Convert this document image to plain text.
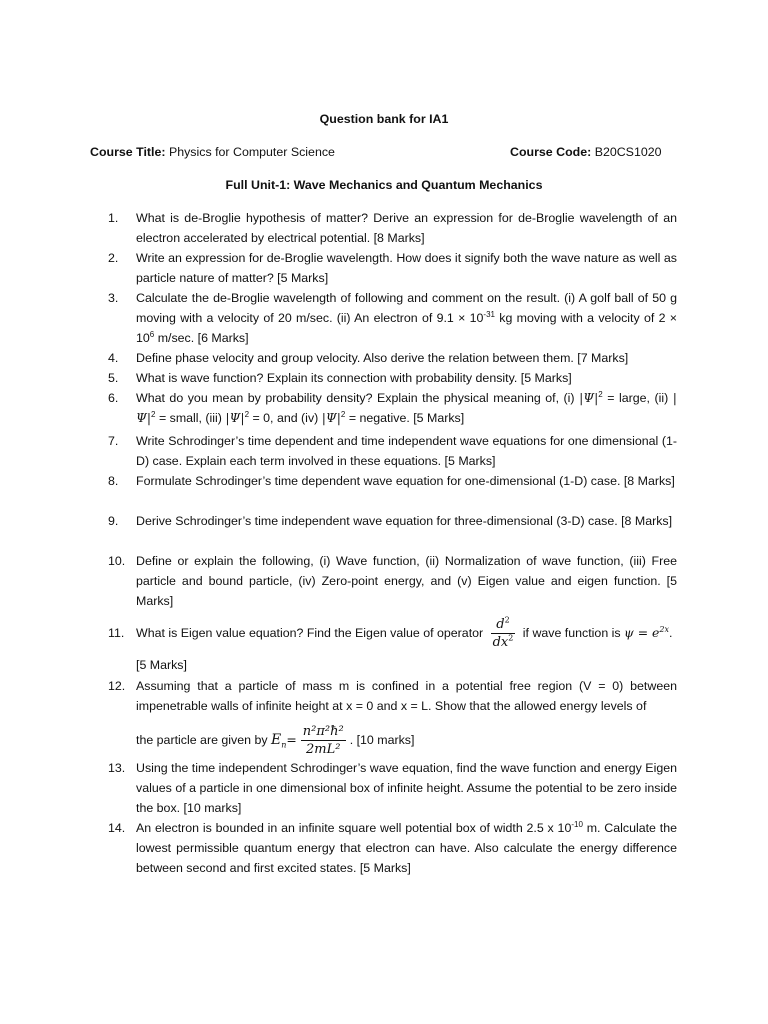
Question bank for IA1
Course Title: Physics for Computer Science	Course Code: B20CS1020
Full Unit-1: Wave Mechanics and Quantum Mechanics
1.	What is de-Broglie hypothesis of matter? Derive an expression for de-Broglie wavelength of an electron accelerated by electrical potential. [8 Marks]
2.	Write an expression for de-Broglie wavelength. How does it signify both the wave nature as well as particle nature of matter? [5 Marks]
3.	Calculate the de-Broglie wavelength of following and comment on the result. (i) A golf ball of 50 g moving with a velocity of 20 m/sec. (ii) An electron of $9.1 \times 10^{-31}$ kg moving with a velocity of $2 \times 10^6$ m/sec. [6 Marks]
4.	Define phase velocity and group velocity. Also derive the relation between them. [7 Marks]
5.	What is wave function? Explain its connection with probability density. [5 Marks]
6.	What do you mean by probability density? Explain the physical meaning of, (i) $|\Psi|^2$ = large, (ii) $|\Psi|^2$ = small, (iii) $|\Psi|^2 = 0$, and (iv) $|\Psi|^2$ = negative. [5 Marks]
7.	Write Schrodinger’s time dependent and time independent wave equations for one dimensional (1-D) case. Explain each term involved in these equations. [5 Marks]
8.	Formulate Schrodinger’s time dependent wave equation for one-dimensional (1-D) case. [8 Marks]
9.	Derive Schrodinger’s time independent wave equation for three-dimensional (3-D) case. [8 Marks]
10. Define or explain the following, (i) Wave function, (ii) Normalization of wave function, (iii) Free particle and bound particle, (iv) Zero-point energy, and (v) Eigen value and eigen function. [5 Marks]
11. What is Eigen value equation? Find the Eigen value of operator $\frac{d^2}{dx^2}$ if wave function is $\psi = e^{2x}$.
[5 Marks]
12. Assuming that a particle of mass m is confined in a potential free region (V = 0) between impenetrable walls of infinite height at x = 0 and x = L. Show that the allowed energy levels of
the particle are given by $E_n= \frac{\text{n²π²ħ²}}{\text{2mL²}}$ . [10 marks]
13. Using the time independent Schrodinger’s wave equation, find the wave function and energy Eigen values of a particle in one dimensional box of infinite height. Assume the potential to be zero inside the box. [10 marks]
14. An electron is bounded in an infinite square well potential box of width 2.5 x $10^{-10}$ m. Calculate the lowest permissible quantum energy that electron can have. Also calculate the energy difference between second and first excited states. [5 Marks]
